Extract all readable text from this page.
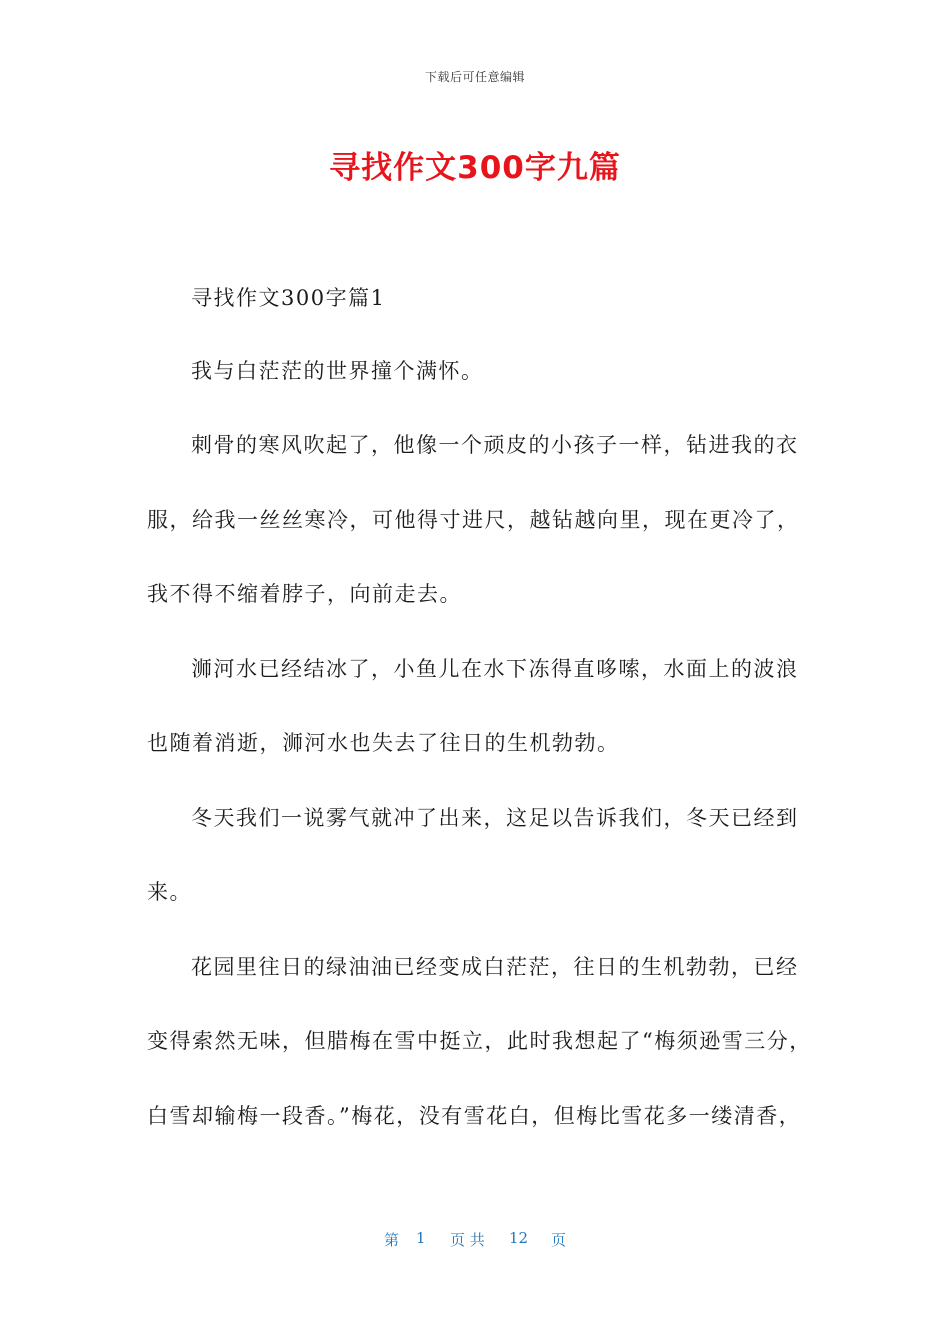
下载后可任意编辑
寻找作文300字九篇
寻找作文300字篇1
我与白茫茫的世界撞个满怀。
刺骨的寒风吹起了，他像一个顽皮的小孩子一样，钻进我的衣
服，给我一丝丝寒冷，可他得寸进尺，越钻越向里，现在更冷了，
我不得不缩着脖子，向前走去。
浉河水已经结冰了，小鱼儿在水下冻得直哆嗦，水面上的波浪
也随着消逝，浉河水也失去了往日的生机勃勃。
冬天我们一说雾气就冲了出来，这足以告诉我们，冬天已经到
来。
花园里往日的绿油油已经变成白茫茫，往日的生机勃勃，已经
变得索然无味，但腊梅在雪中挺立，此时我想起了“梅须逊雪三分，
白雪却输梅一段香。”梅花，没有雪花白，但梅比雪花多一缕清香，
第 1 页 共 12 页
